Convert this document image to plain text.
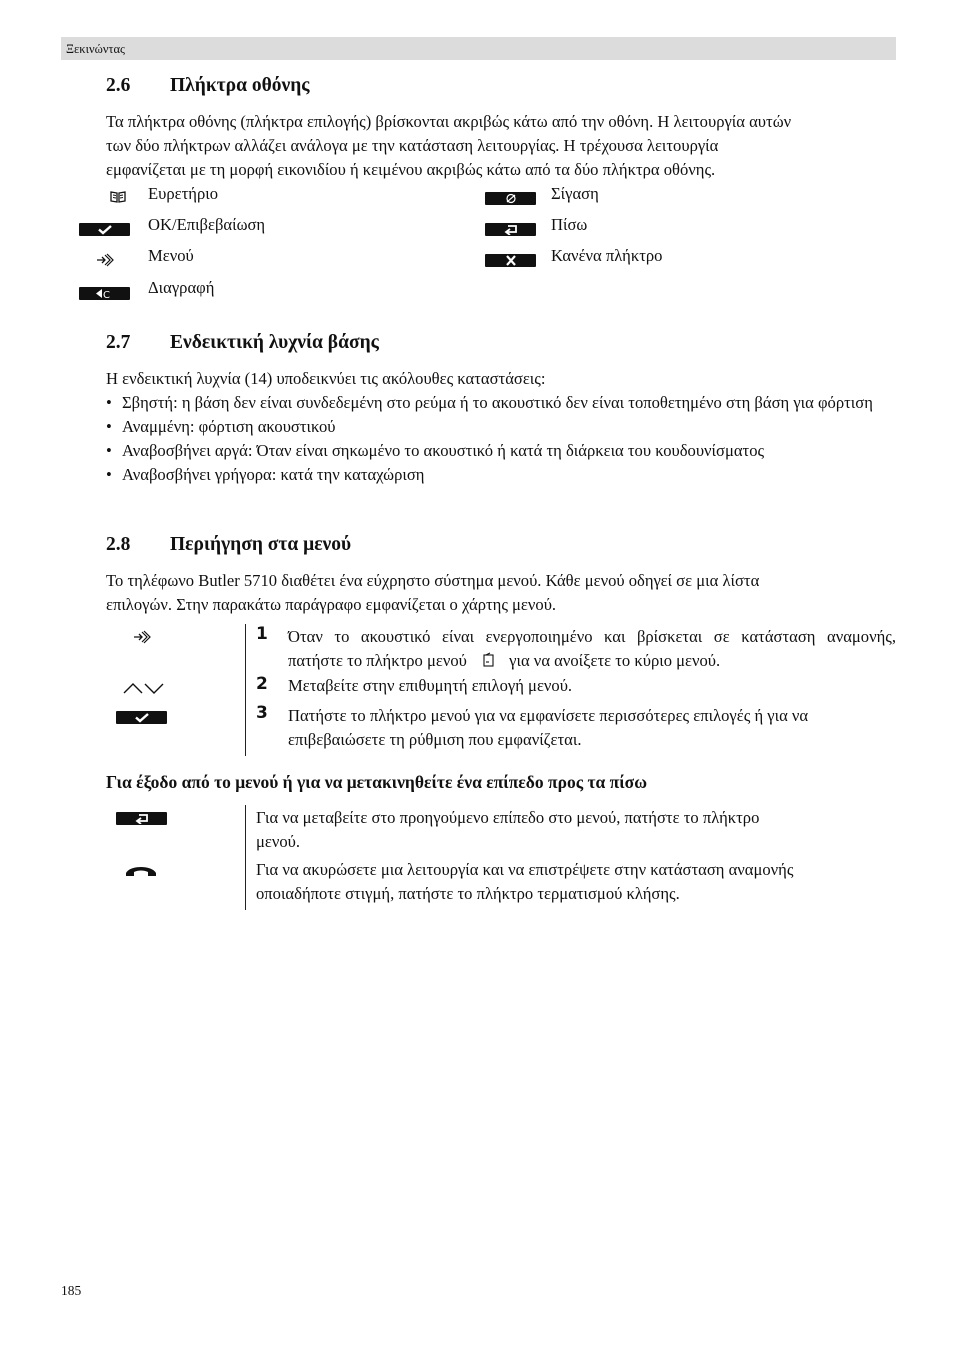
Ξεκινώντας
2.6 Πλήκτρα οθόνης
Τα πλήκτρα οθόνης (πλήκτρα επιλογής) βρίσκονται ακριβώς κάτω από την οθόνη. Η λειτουργία αυτών
των δύο πλήκτρων αλλάζει ανάλογα με την κατάσταση λειτουργίας. Η τρέχουσα λειτουργία
εμφανίζεται με τη μορφή εικονιδίου ή κειμένου ακριβώς κάτω από τα δύο πλήκτρα οθόνης.
Ευρετήριο
OK/Επιβεβαίωση
Μενού
C Διαγραφή
Σίγαση
Πίσω
Κανένα πλήκτρο
2.7 Ενδεικτική λυχνία βάσης
Η ενδεικτική λυχνία (14) υποδεικνύει τις ακόλουθες καταστάσεις:
• Σβηστή: η βάση δεν είναι συνδεδεμένη στο ρεύμα ή το ακουστικό δεν είναι τοποθετημένο στη βάση για φόρτιση
• Αναμμένη: φόρτιση ακουστικού
• Αναβοσβήνει αργά: Όταν είναι σηκωμένο το ακουστικό ή κατά τη διάρκεια του κουδουνίσματος
• Αναβοσβήνει γρήγορα: κατά την καταχώριση
2.8 Περιήγηση στα μενού
Το τηλέφωνο Butler 5710 διαθέτει ένα εύχρηστο σύστημα μενού. Κάθε μενού οδηγεί σε μια λίστα
επιλογών. Στην παρακάτω παράγραφο εμφανίζεται ο χάρτης μενού.
1 Όταν το ακουστικό είναι ενεργοποιημένο και βρίσκεται σε κατάσταση αναμονής,
πατήστε το πλήκτρο μενού	για να ανοίξετε το κύριο μενού.
2 Μεταβείτε στην επιθυμητή επιλογή μενού.
3 Πατήστε το πλήκτρο μενού για να εμφανίσετε περισσότερες επιλογές ή για να
επιβεβαιώσετε τη ρύθμιση που εμφανίζεται.
Για έξοδο από το μενού ή για να μετακινηθείτε ένα επίπεδο προς τα πίσω
Για να μεταβείτε στο προηγούμενο επίπεδο στο μενού, πατήστε το πλήκτρο
μενού.
Για να ακυρώσετε μια λειτουργία και να επιστρέψετε στην κατάσταση αναμονής
οποιαδήποτε στιγμή, πατήστε το πλήκτρο τερματισμού κλήσης.
185
